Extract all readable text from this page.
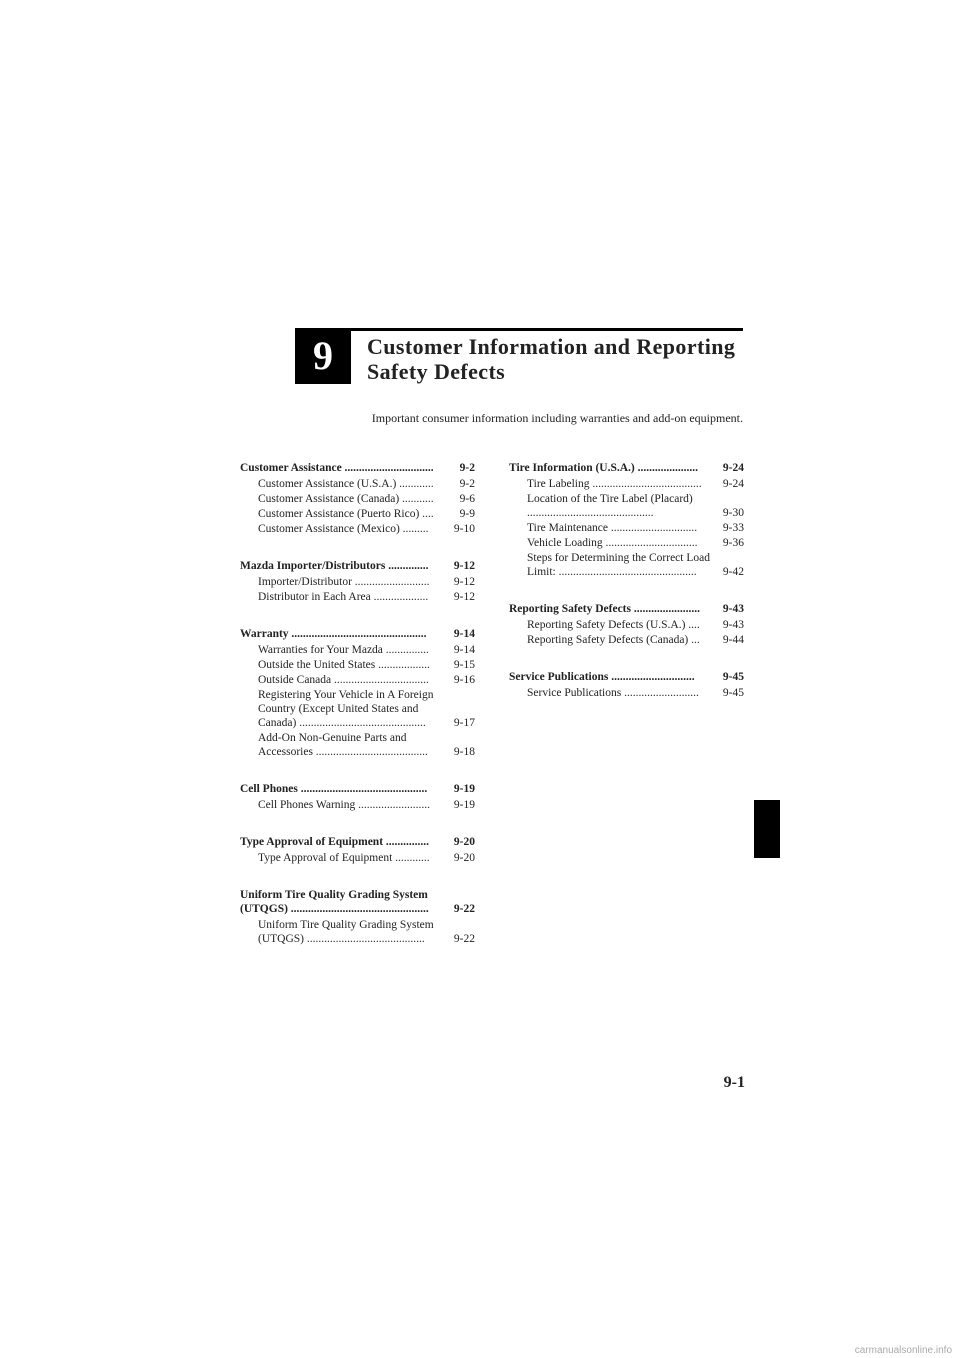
9	Customer Information and Reporting
Safety Defects
Important consumer information including warranties and add-on equipment.
Customer Assistance ...............................	9-2
Customer Assistance (U.S.A.) ............	9-2
Customer Assistance (Canada) ...........	9-6
Customer Assistance (Puerto Rico) ....	9-9
Customer Assistance (Mexico) .........	9-10
Mazda Importer/Distributors ..............	9-12
Importer/Distributor ..........................	9-12
Distributor in Each Area ...................	9-12
Warranty ...............................................	9-14
Warranties for Your Mazda ...............	9-14
Outside the United States ..................	9-15
Outside Canada .................................	9-16
Registering Your Vehicle in A Foreign Country (Except United States and Canada) ............................................	9-17
Add-On Non-Genuine Parts and Accessories .......................................	9-18
Cell Phones ............................................	9-19
Cell Phones Warning .........................	9-19
Type Approval of Equipment ...............	9-20
Type Approval of Equipment ............	9-20
Uniform Tire Quality Grading System (UTQGS) ................................................	9-22
Uniform Tire Quality Grading System (UTQGS) .........................................	9-22
Tire Information (U.S.A.) .....................	9-24
Tire Labeling ......................................	9-24
Location of the Tire Label (Placard) ............................................	9-30
Tire Maintenance ..............................	9-33
Vehicle Loading ................................	9-36
Steps for Determining the Correct Load Limit: ................................................	9-42
Reporting Safety Defects .......................	9-43
Reporting Safety Defects (U.S.A.) ....	9-43
Reporting Safety Defects (Canada) ...	9-44
Service Publications .............................	9-45
Service Publications ..........................	9-45
9-1
carmanualsonline.info
